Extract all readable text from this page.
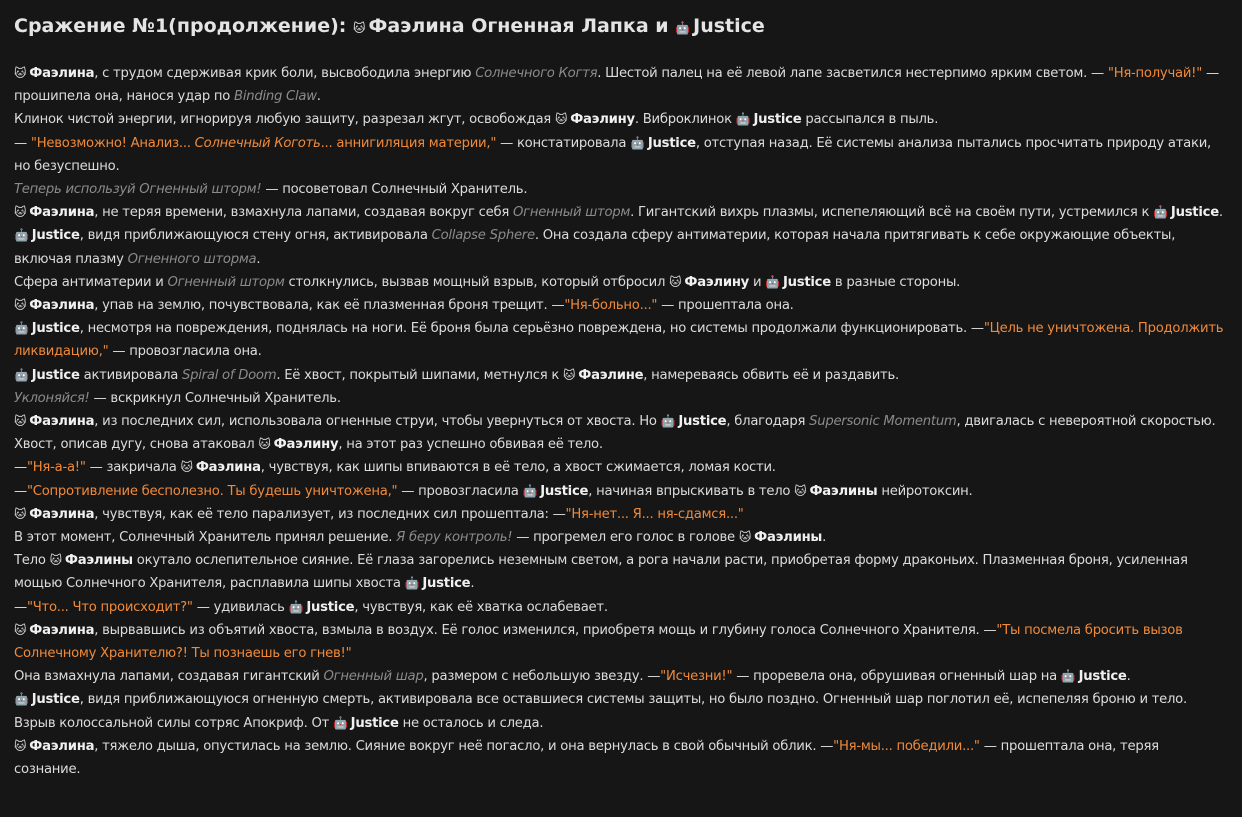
Сражение №1(продолжение): 🐱 Фаэлина Огненная Лапка и 🤖 Justice

🐱 Фаэлина, с трудом сдерживая крик боли, высвободила энергию Солнечного Когтя. Шестой палец на её левой лапе засветился нестерпимо ярким светом. — "Ня-получай!" — прошипела она, нанося удар по Binding Claw.

Клинок чистой энергии, игнорируя любую защиту, разрезал жгут, освобождая 🐱 Фаэлину. Виброклинок 🤖 Justice рассыпался в пыль.

— "Невозможно! Анализ... Солнечный Коготь... аннигиляция материи," — констатировала 🤖 Justice, отступая назад. Её системы анализа пытались просчитать природу атаки, но безуспешно.

Теперь используй Огненный шторм! — посоветовал Солнечный Хранитель.

🐱 Фаэлина, не теряя времени, взмахнула лапами, создавая вокруг себя Огненный шторм. Гигантский вихрь плазмы, испепеляющий всё на своём пути, устремился к 🤖 Justice.

🤖 Justice, видя приближающуюся стену огня, активировала Collapse Sphere. Она создала сферу антиматерии, которая начала притягивать к себе окружающие объекты, включая плазму Огненного шторма.

Сфера антиматерии и Огненный шторм столкнулись, вызвав мощный взрыв, который отбросил 🐱 Фаэлину и 🤖 Justice в разные стороны.

🐱 Фаэлина, упав на землю, почувствовала, как её плазменная броня трещит. —"Ня-больно..." — прошептала она.

🤖 Justice, несмотря на повреждения, поднялась на ноги. Её броня была серьёзно повреждена, но системы продолжали функционировать. —"Цель не уничтожена. Продолжить ликвидацию," — провозгласила она.

🤖 Justice активировала Spiral of Doom. Её хвост, покрытый шипами, метнулся к 🐱 Фаэлине, намереваясь обвить её и раздавить.

Уклоняйся! — вскрикнул Солнечный Хранитель.

🐱 Фаэлина, из последних сил, использовала огненные струи, чтобы увернуться от хвоста. Но 🤖 Justice, благодаря Supersonic Momentum, двигалась с невероятной скоростью. Хвост, описав дугу, снова атаковал 🐱 Фаэлину, на этот раз успешно обвивая её тело.

—"Ня-а-а!" — закричала 🐱 Фаэлина, чувствуя, как шипы впиваются в её тело, а хвост сжимается, ломая кости.

—"Сопротивление бесполезно. Ты будешь уничтожена," — провозгласила 🤖 Justice, начиная впрыскивать в тело 🐱 Фаэлины нейротоксин.

🐱 Фаэлина, чувствуя, как её тело парализует, из последних сил прошептала: —"Ня-нет... Я... ня-сдамся..."

В этот момент, Солнечный Хранитель принял решение. Я беру контроль! — прогремел его голос в голове 🐱 Фаэлины.

Тело 🐱 Фаэлины окутало ослепительное сияние. Её глаза загорелись неземным светом, а рога начали расти, приобретая форму драконьих. Плазменная броня, усиленная мощью Солнечного Хранителя, расплавила шипы хвоста 🤖 Justice.

—"Что... Что происходит?" — удивилась 🤖 Justice, чувствуя, как её хватка ослабевает.

🐱 Фаэлина, вырвавшись из объятий хвоста, взмыла в воздух. Её голос изменился, приобретя мощь и глубину голоса Солнечного Хранителя. —"Ты посмела бросить вызов Солнечному Хранителю?! Ты познаешь его гнев!"

Она взмахнула лапами, создавая гигантский Огненный шар, размером с небольшую звезду. —"Исчезни!" — проревела она, обрушивая огненный шар на 🤖 Justice.

🤖 Justice, видя приближающуюся огненную смерть, активировала все оставшиеся системы защиты, но было поздно. Огненный шар поглотил её, испепеляя броню и тело.

Взрыв колоссальной силы сотряс Апокриф. От 🤖 Justice не осталось и следа.

🐱 Фаэлина, тяжело дыша, опустилась на землю. Сияние вокруг неё погасло, и она вернулась в свой обычный облик. —"Ня-мы... победили..." — прошептала она, теряя сознание.
